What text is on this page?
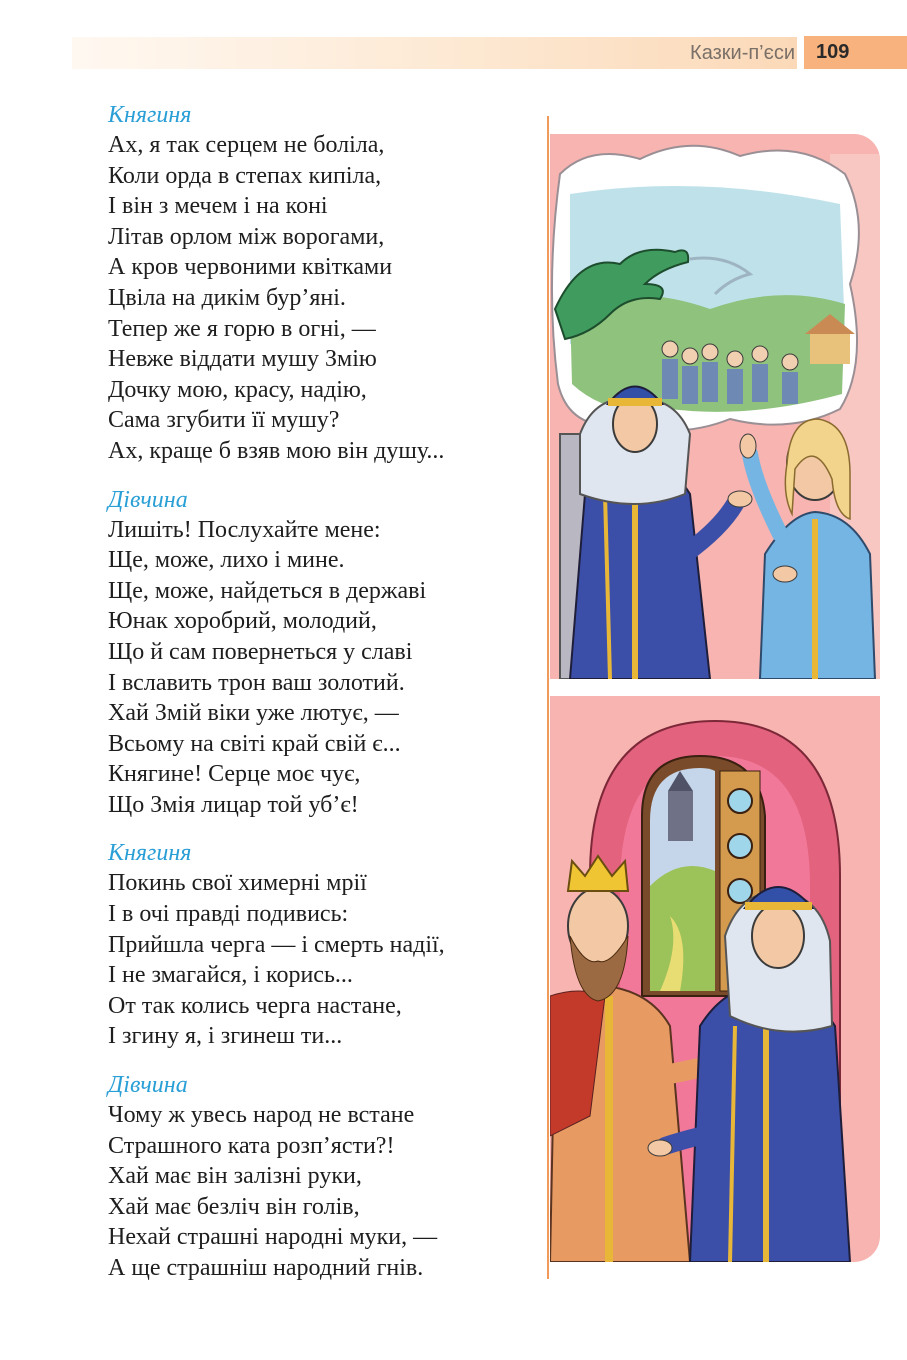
Казки-п’єси	109
Княгиня
Ах, я так серцем не боліла,
Коли орда в степах кипіла,
І він з мечем і на коні
Літав орлом між ворогами,
А кров червоними квітками
Цвіла на дикім бур’яні.
Тепер же я горю в огні, —
Невже віддати мушу Змію
Дочку мою, красу, надію,
Сама згубити її мушу?
Ах, краще б взяв мою він душу...
Дівчина
Лишіть! Послухайте мене:
Ще, може, лихо і мине.
Ще, може, найдеться в державі
Юнак хоробрий, молодий,
Що й сам повернеться у славі
І вславить трон ваш золотий.
Хай Змій віки уже лютує, —
Всьому на світі край свій є...
Княгине! Серце моє чує,
Що Змія лицар той уб’є!
Княгиня
Покинь свої химерні мрії
І в очі правді подивись:
Прийшла черга — і смерть надії,
І не змагайся, і корись...
От так колись черга настане,
І згину я, і згинеш ти...
Дівчина
Чому ж увесь народ не встане
Страшного ката розп’ясти?!
Хай має він залізні руки,
Хай має безліч він голів,
Нехай страшні народні муки, —
А ще страшніш народний гнів.
